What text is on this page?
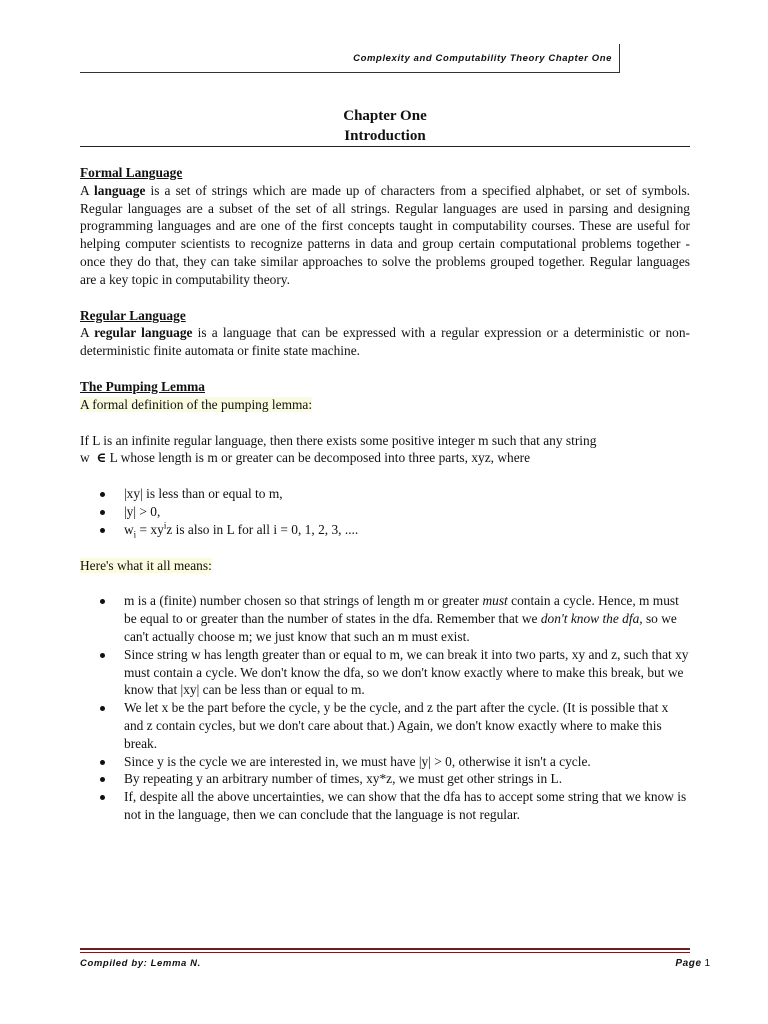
Complexity and Computability Theory Chapter One
Chapter One
Introduction

Formal Language

A language is a set of strings which are made up of characters from a specified alphabet, or set of symbols. Regular languages are a subset of the set of all strings. Regular languages are used in parsing and designing programming languages and are one of the first concepts taught in computability courses. These are useful for helping computer scientists to recognize patterns in data and group certain computational problems together - once they do that, they can take similar approaches to solve the problems grouped together. Regular languages are a key topic in computability theory.

Regular Language

A regular language is a language that can be expressed with a regular expression or a deterministic or non-deterministic finite automata or finite state machine.

The Pumping Lemma

A formal definition of the pumping lemma:

If L is an infinite regular language, then there exists some positive integer m such that any string
w ∈ L whose length is m or greater can be decomposed into three parts, xyz, where

|xy| is less than or equal to m,
|y| > 0,
$w_i = xy^iz$ is also in L for all i = 0, 1, 2, 3, ....

Here's what it all means:

m is a (finite) number chosen so that strings of length m or greater must contain a cycle. Hence, m must be equal to or greater than the number of states in the dfa. Remember that we don't know the dfa, so we can't actually choose m; we just know that such an m must exist.
Since string w has length greater than or equal to m, we can break it into two parts, xy and z, such that xy must contain a cycle. We don't know the dfa, so we don't know exactly where to make this break, but we know that |xy| can be less than or equal to m.
We let x be the part before the cycle, y be the cycle, and z the part after the cycle. (It is possible that x and z contain cycles, but we don't care about that.) Again, we don't know exactly where to make this break.
Since y is the cycle we are interested in, we must have |y| > 0, otherwise it isn't a cycle.
By repeating y an arbitrary number of times, xy*z, we must get other strings in L.
If, despite all the above uncertainties, we can show that the dfa has to accept some string that we know is not in the language, then we can conclude that the language is not regular.
Compiled by: Lemma N.	Page 1
